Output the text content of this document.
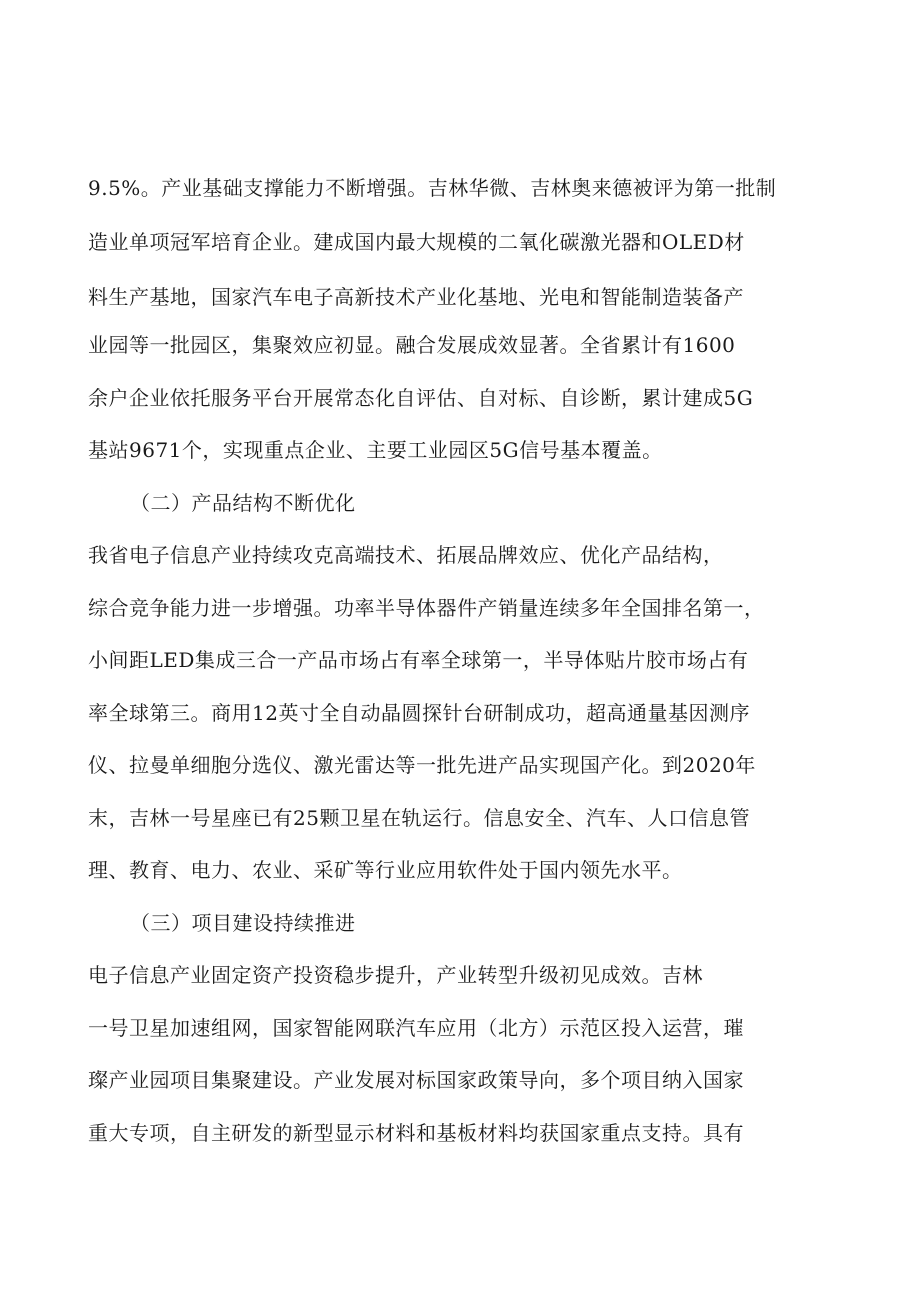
9.5%。产业基础支撑能力不断增强。吉林华微、吉林奥来德被评为第一批制
造业单项冠军培育企业。建成国内最大规模的二氧化碳激光器和OLED材
料生产基地，国家汽车电子高新技术产业化基地、光电和智能制造装备产
业园等一批园区，集聚效应初显。融合发展成效显著。全省累计有1600
余户企业依托服务平台开展常态化自评估、自对标、自诊断，累计建成5G
基站9671个，实现重点企业、主要工业园区5G信号基本覆盖。
（二）产品结构不断优化
我省电子信息产业持续攻克高端技术、拓展品牌效应、优化产品结构，
综合竞争能力进一步增强。功率半导体器件产销量连续多年全国排名第一，
小间距LED集成三合一产品市场占有率全球第一，半导体贴片胶市场占有
率全球第三。商用12英寸全自动晶圆探针台研制成功，超高通量基因测序
仪、拉曼单细胞分选仪、激光雷达等一批先进产品实现国产化。到2020年
末，吉林一号星座已有25颗卫星在轨运行。信息安全、汽车、人口信息管
理、教育、电力、农业、采矿等行业应用软件处于国内领先水平。
（三）项目建设持续推进
电子信息产业固定资产投资稳步提升，产业转型升级初见成效。吉林
一号卫星加速组网，国家智能网联汽车应用（北方）示范区投入运营，璀
璨产业园项目集聚建设。产业发展对标国家政策导向，多个项目纳入国家
重大专项，自主研发的新型显示材料和基板材料均获国家重点支持。具有
